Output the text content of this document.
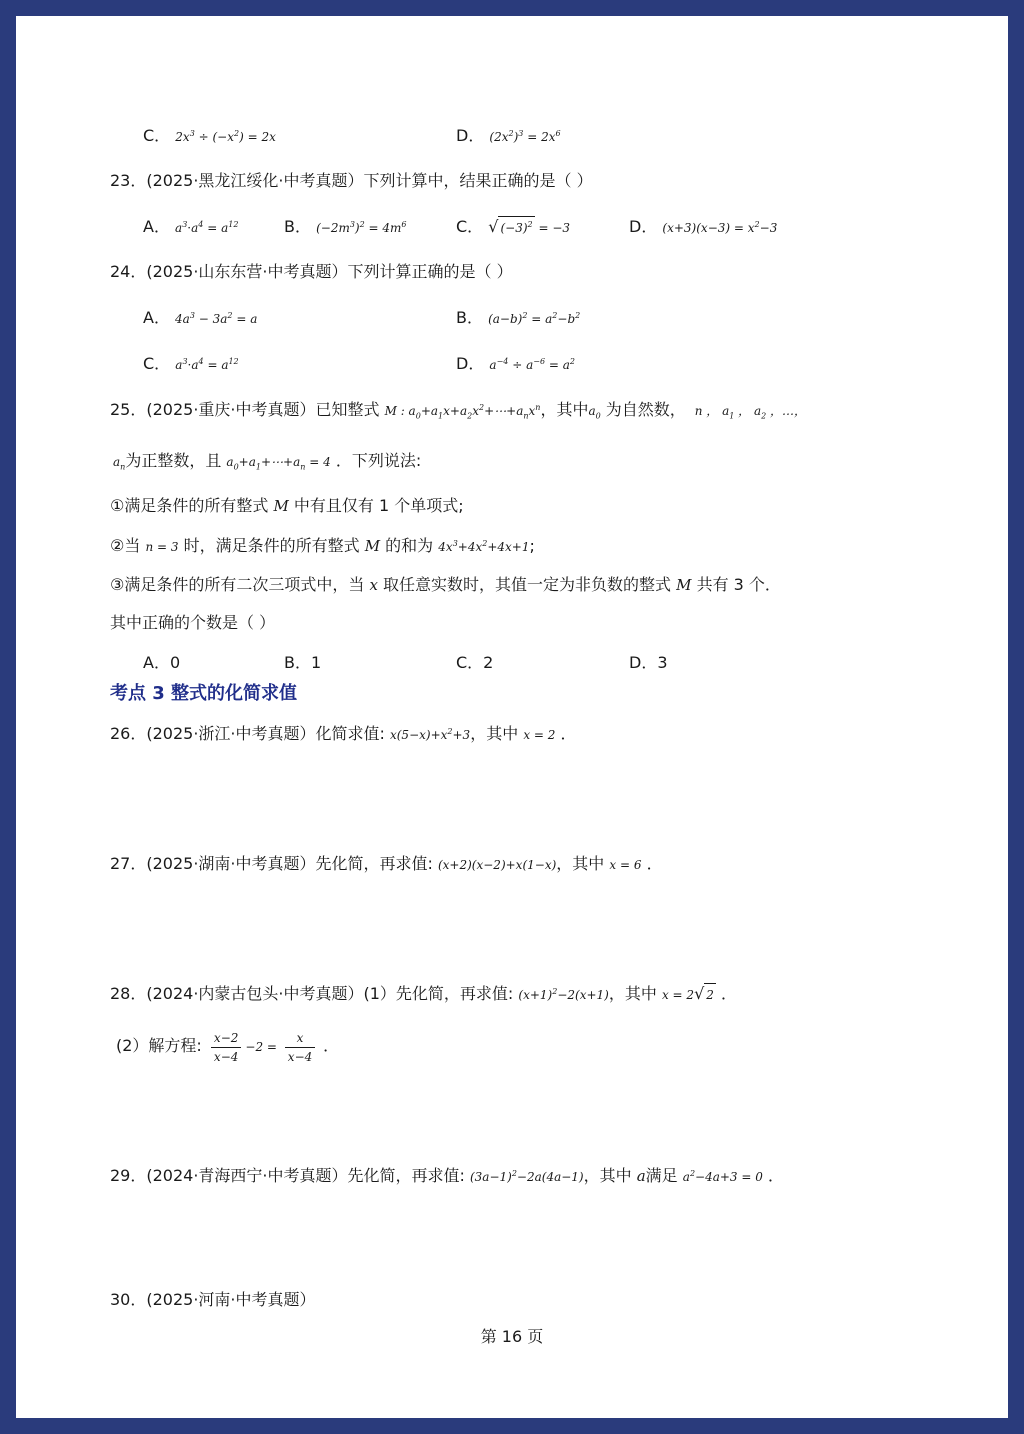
C． $2x^3 \div (-x^2) = 2x$	D． $(2x^2)^3 = 2x^6$
23．(2025·黑龙江绥化·中考真题）下列计算中，结果正确的是（ ）
A． $a^3\cdot a^4 = a^{12}$	B． $(-2m^3)^2 = 4m^6$	C． √ $(-3)^2 = -3$	D． $(x+3)(x-3) = x^2-3$
24．(2025·山东东营·中考真题）下列计算正确的是（ ）
A． $4a^3 - 3a^2 = a$	B． $(a-b)^2 = a^2-b^2$
C． $a^3\cdot a^4 = a^{12}$	D． $a^{-4} \div a^{-6} = a^2$
25．(2025·重庆·中考真题）已知整式 M : $a_0+a_1x+a_2x^2+\cdots+a_nx^n$，其中$a_0$ 为自然数，  n ， $a_1$ ， $a_2$ ，…，
$a_n$为正整数，且 $a_0+a_1+\cdots+a_n = 4$ ．下列说法:
①满足条件的所有整式 M 中有且仅有 1 个单项式;
②当 n = 3 时，满足条件的所有整式 M 的和为 $4x^3+4x^2+4x+1$;
③满足条件的所有二次三项式中，当 x 取任意实数时，其值一定为非负数的整式 M 共有 3 个．
其中正确的个数是（ ）
A．0	B．1	C．2	D．3
考点 3 整式的化简求值
26．(2025·浙江·中考真题）化简求值: $x(5-x)+x^2+3$，其中 x = 2 ．
27．(2025·湖南·中考真题）先化简，再求值: (x+2)(x−2)+x(1−x)，其中 x = 6 ．
28．(2024·内蒙古包头·中考真题）(1）先化简，再求值: $(x+1)^2-2(x+1)$，其中 x = 2√ 2 ．
(2）解方程: $\frac{x-2}{x-4} -2 = \frac{x}{x-4}$ ．
29．(2024·青海西宁·中考真题）先化简，再求值: $(3a-1)^2-2a(4a-1)$，其中 a满足 $a^2-4a+3 = 0$ ．
30．(2025·河南·中考真题）
第 16 页
